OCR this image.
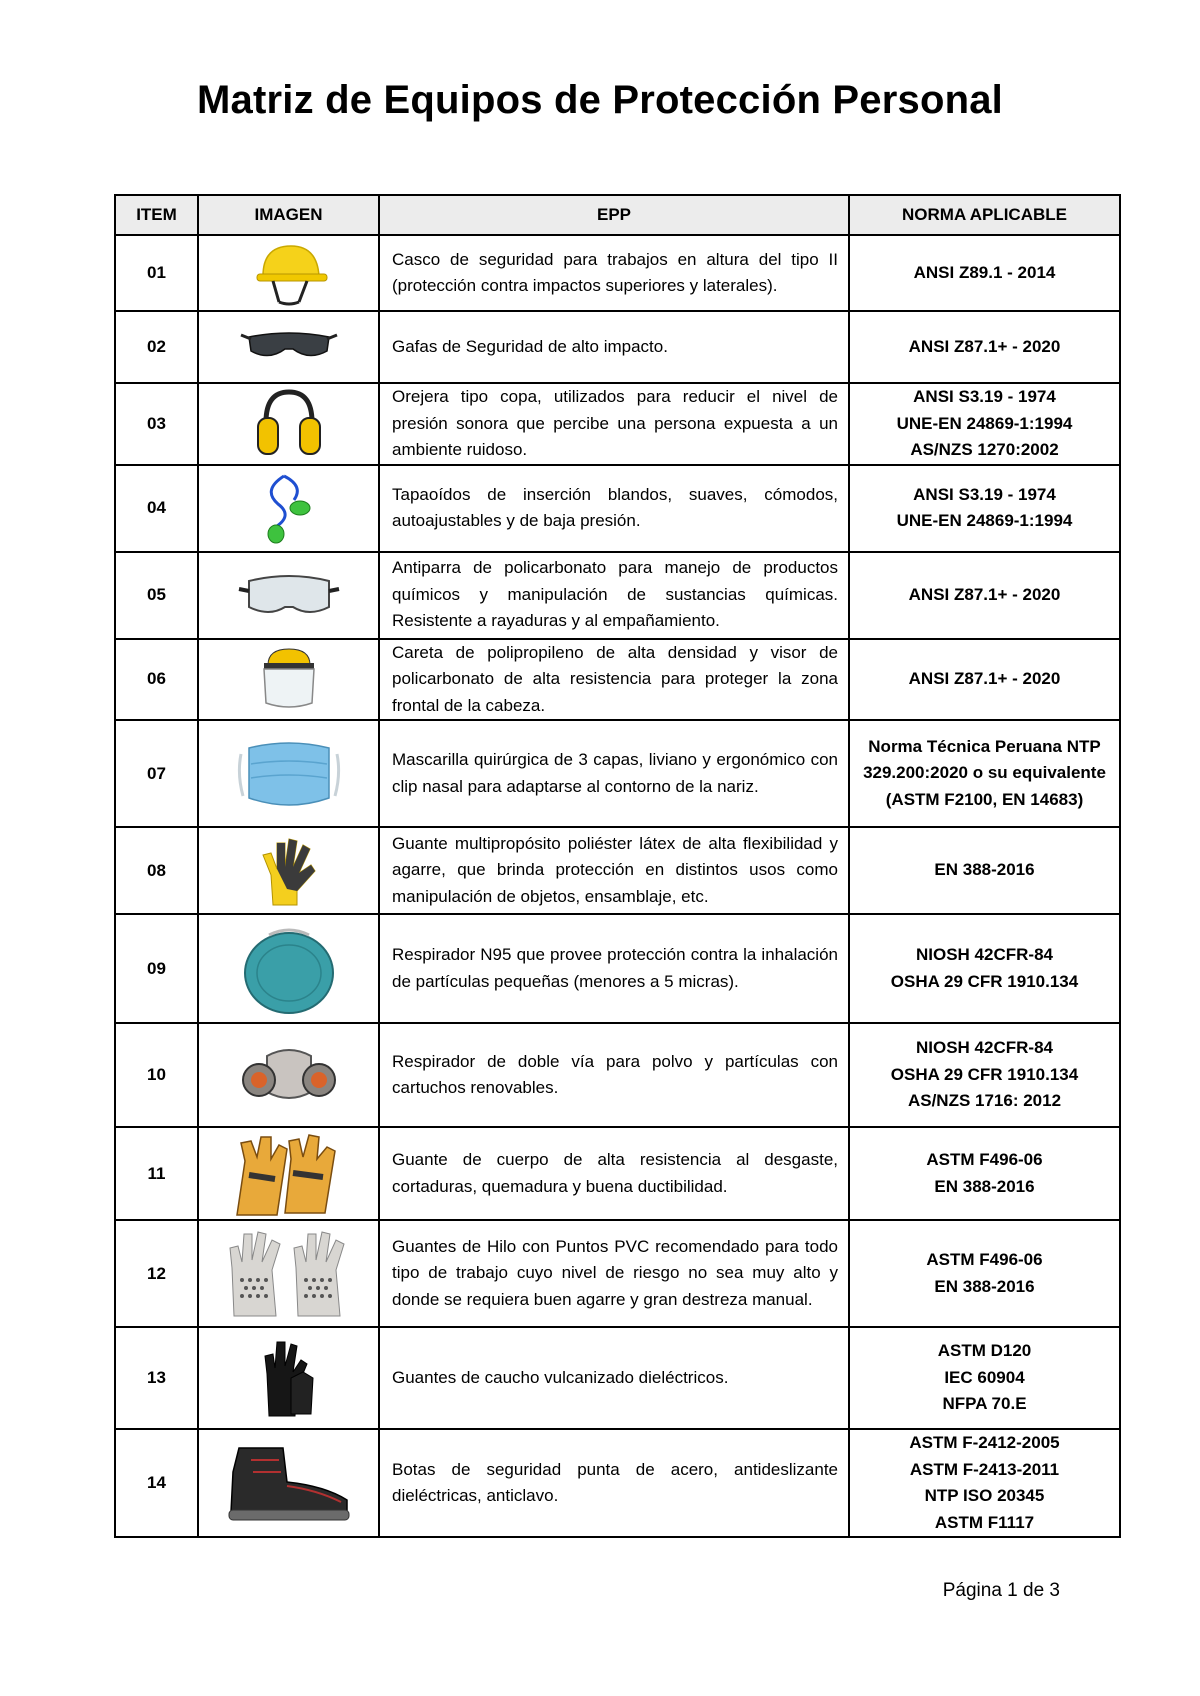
Matriz de Equipos de Protección Personal
ITEM	IMAGEN	EPP	NORMA APLICABLE
01		Casco de seguridad para trabajos en altura del tipo II (protección contra impactos superiores y laterales).	ANSI Z89.1 - 2014

02		Gafas de Seguridad de alto impacto.	ANSI Z87.1+ - 2020

03		Orejera tipo copa, utilizados para reducir el nivel de presión sonora que percibe una persona expuesta a un ambiente ruidoso.	ANSI S3.19 - 1974
UNE-EN 24869-1:1994
AS/NZS 1270:2002

04		Tapaoídos de inserción blandos, suaves, cómodos, autoajustables y de baja presión.	ANSI S3.19 - 1974
UNE-EN 24869-1:1994

05		Antiparra de policarbonato para manejo de productos químicos y manipulación de sustancias químicas. Resistente a rayaduras y al empañamiento.	ANSI Z87.1+ - 2020

06		Careta de polipropileno de alta densidad y visor de policarbonato de alta resistencia para proteger la zona frontal de la cabeza.	ANSI Z87.1+ - 2020

07		Mascarilla quirúrgica de 3 capas, liviano y ergonómico con clip nasal para adaptarse al contorno de la nariz.	Norma Técnica Peruana NTP 329.200:2020 o su equivalente (ASTM F2100, EN 14683)

08		Guante multipropósito poliéster látex de alta flexibilidad y agarre, que brinda protección en distintos usos como manipulación de objetos, ensamblaje, etc.	EN 388-2016

09		Respirador N95 que provee protección contra la inhalación de partículas pequeñas (menores a 5 micras).	NIOSH 42CFR-84
OSHA 29 CFR 1910.134

10		Respirador de doble vía para polvo y partículas con cartuchos renovables.	NIOSH 42CFR-84
OSHA 29 CFR 1910.134
AS/NZS 1716: 2012

11		Guante de cuerpo de alta resistencia al desgaste, cortaduras, quemadura y buena ductibilidad.	ASTM F496-06
EN 388-2016

12		Guantes de Hilo con Puntos PVC recomendado para todo tipo de trabajo cuyo nivel de riesgo no sea muy alto y donde se requiera buen agarre y gran destreza manual.	ASTM F496-06
EN 388-2016

13		Guantes de caucho vulcanizado dieléctricos.	ASTM D120
IEC 60904
NFPA 70.E

14		Botas de seguridad punta de acero, antideslizante dieléctricas, anticlavo.	ASTM F-2412-2005
ASTM F-2413-2011
NTP ISO 20345
ASTM F1117
Página 1 de 3
